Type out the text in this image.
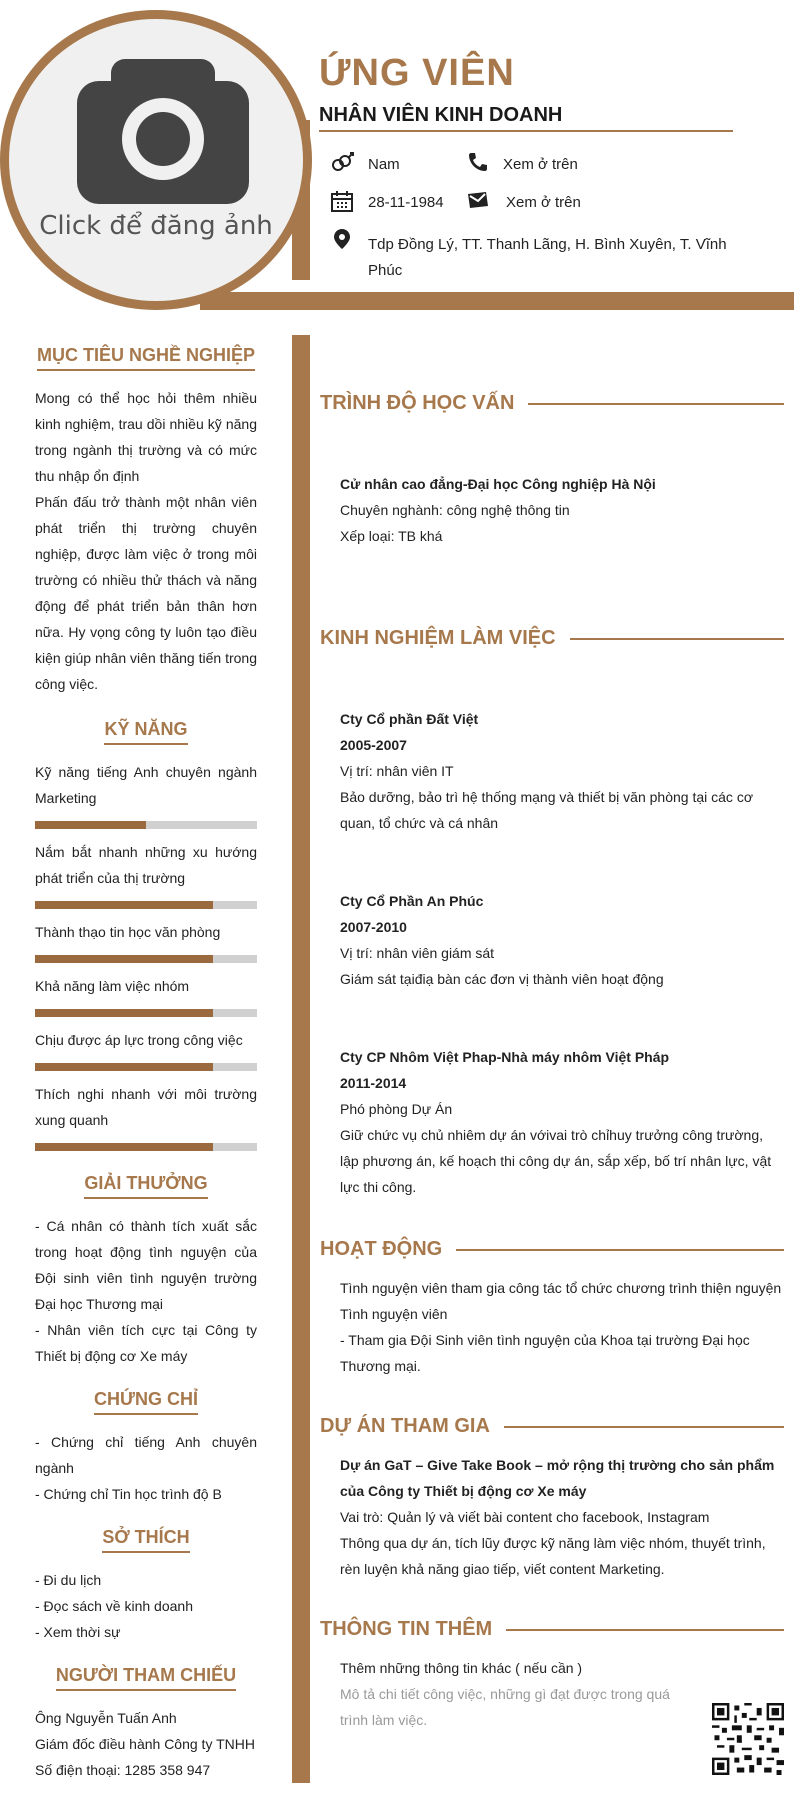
Click để đăng ảnh
ỨNG VIÊN
NHÂN VIÊN KINH DOANH
Nam	Xem ở trên
28-11-1984	Xem ở trên
Tdp Đồng Lý, TT. Thanh Lãng, H. Bình Xuyên, T. Vĩnh Phúc
MỤC TIÊU NGHỀ NGHIỆP
Mong có thể học hỏi thêm nhiều kinh nghiệm, trau dồi nhiều kỹ năng trong ngành thị trường và có mức thu nhập ổn định
Phấn đấu trở thành một nhân viên phát triển thị trường chuyên nghiệp, được làm việc ở trong môi trường có nhiều thử thách và năng động để phát triển bản thân hơn nữa. Hy vọng công ty luôn tạo điều kiện giúp nhân viên thăng tiến trong công việc.
KỸ NĂNG
Kỹ năng tiếng Anh chuyên ngành Marketing
Nắm bắt nhanh những xu hướng phát triển của thị trường
Thành thạo tin học văn phòng
Khả năng làm việc nhóm
Chịu được áp lực trong công việc
Thích nghi nhanh với môi trường xung quanh
GIẢI THƯỞNG
- Cá nhân có thành tích xuất sắc trong hoạt động tình nguyện của Đội sinh viên tình nguyện trường Đại học Thương mại
- Nhân viên tích cực tại Công ty Thiết bị động cơ Xe máy
CHỨNG CHỈ
- Chứng chỉ tiếng Anh chuyên ngành
- Chứng chỉ Tin học trình độ B
SỞ THÍCH
- Đi du lịch
- Đọc sách về kinh doanh
- Xem thời sự
NGƯỜI THAM CHIẾU
Ông Nguyễn Tuấn Anh
Giám đốc điều hành Công ty TNHH
Số điện thoại: 1285 358 947
TRÌNH ĐỘ HỌC VẤN
Cử nhân cao đẳng-Đại học Công nghiệp Hà Nội
Chuyên nghành: công nghệ thông tin
Xếp loại: TB khá
KINH NGHIỆM LÀM VIỆC
Cty Cổ phần Đất Việt
2005-2007
Vị trí: nhân viên IT
Bảo dưỡng, bảo trì hệ thống mạng và thiết bị văn phòng tại các cơ quan, tổ chức và cá nhân
Cty Cổ Phần An Phúc
2007-2010
Vị trí: nhân viên giám sát
Giám sát tạiđiạ bàn các đơn vị thành viên hoạt động
Cty CP Nhôm Việt Phap-Nhà máy nhôm Việt Pháp
2011-2014
Phó phòng Dự Án
Giữ chức vụ chủ nhiêm dự án vớivai trò chỉhuy trưởng công trường, lập phương án, kế hoạch thi công dự án, sắp xếp, bố trí nhân lực, vật lực thi công.
HOẠT ĐỘNG
Tình nguyện viên tham gia công tác tổ chức chương trình thiện nguyện
Tình nguyện viên
- Tham gia Đội Sinh viên tình nguyện của Khoa tại trường Đại học Thương mại.
DỰ ÁN THAM GIA
Dự án GaT – Give Take Book – mở rộng thị trường cho sản phẩm của Công ty Thiết bị động cơ Xe máy
Vai trò: Quản lý và viết bài content cho facebook, Instagram
Thông qua dự án, tích lũy được kỹ năng làm việc nhóm, thuyết trình, rèn luyện khả năng giao tiếp, viết content Marketing.
THÔNG TIN THÊM
Thêm những thông tin khác ( nếu cần )
Mô tả chi tiết công việc, những gì đạt được trong quá trình làm việc.
